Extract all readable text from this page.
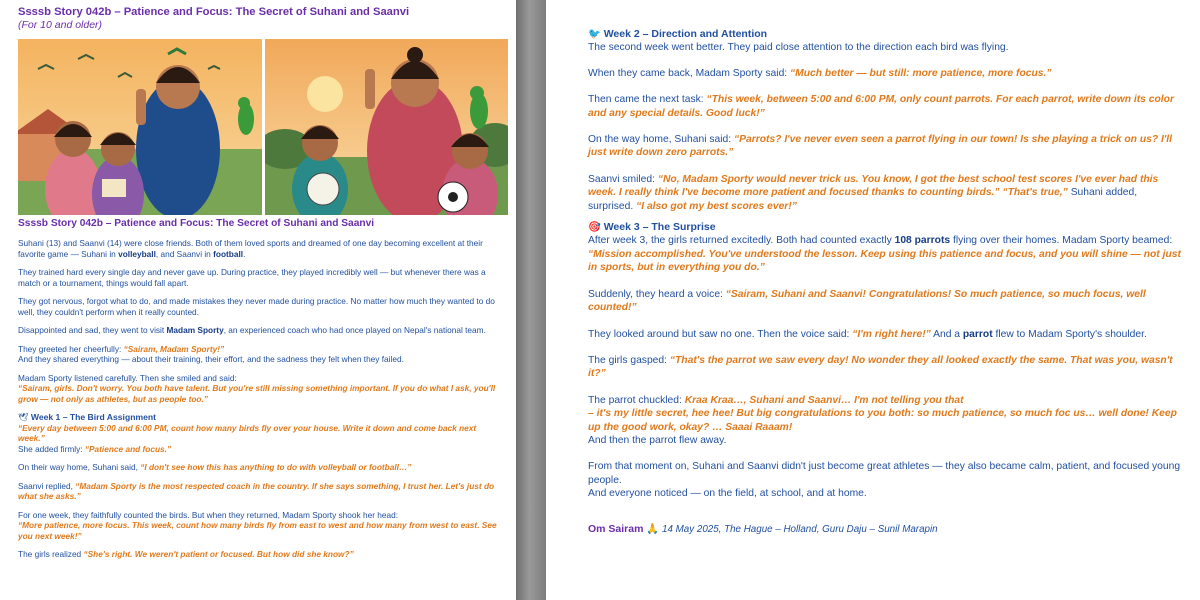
Ssssb Story 042b – Patience and Focus: The Secret of Suhani and Saanvi
(For 10 and older)
Ssssb Story 042b – Patience and Focus: The Secret of Suhani and Saanvi

Suhani (13) and Saanvi (14) were close friends. Both of them loved sports and dreamed of one day becoming excellent at their favorite game — Suhani in volleyball, and Saanvi in football.

They trained hard every single day and never gave up. During practice, they played incredibly well — but whenever there was a match or a tournament, things would fall apart.

They got nervous, forgot what to do, and made mistakes they never made during practice. No matter how much they wanted to do well, they couldn't perform when it really counted.

Disappointed and sad, they went to visit Madam Sporty, an experienced coach who had once played on Nepal's national team.

They greeted her cheerfully: “Sairam, Madam Sporty!”
And they shared everything — about their training, their effort, and the sadness they felt when they failed.

Madam Sporty listened carefully. Then she smiled and said:
“Sairam, girls. Don't worry. You both have talent. But you're still missing something important. If you do what I ask, you'll grow — not only as athletes, but as people too.”

🕊 Week 1 – The Bird Assignment
“Every day between 5:00 and 6:00 PM, count how many birds fly over your house. Write it down and come back next week.”
She added firmly: “Patience and focus.”

On their way home, Suhani said, “I don't see how this has anything to do with volleyball or football…”

Saanvi replied, “Madam Sporty is the most respected coach in the country. If she says something, I trust her. Let's just do what she asks.”

For one week, they faithfully counted the birds. But when they returned, Madam Sporty shook her head:
“More patience, more focus. This week, count how many birds fly from east to west and how many from west to east. See you next week!”

The girls realized “She's right. We weren't patient or focused. But how did she know?”

🐦 Week 2 – Direction and Attention
The second week went better. They paid close attention to the direction each bird was flying.

When they came back, Madam Sporty said: “Much better — but still: more patience, more focus.”

Then came the next task: “This week, between 5:00 and 6:00 PM, only count parrots. For each parrot, write down its color and any special details. Good luck!”

On the way home, Suhani said: “Parrots? I've never even seen a parrot flying in our town! Is she playing a trick on us? I'll just write down zero parrots.”

Saanvi smiled: “No, Madam Sporty would never trick us. You know, I got the best school test scores I've ever had this week. I really think I've become more patient and focused thanks to counting birds.” “That's true,” Suhani added, surprised. “I also got my best scores ever!”

🎯 Week 3 – The Surprise
After week 3, the girls returned excitedly. Both had counted exactly 108 parrots flying over their homes. Madam Sporty beamed: “Mission accomplished. You've understood the lesson. Keep using this patience and focus, and you will shine — not just in sports, but in everything you do.”

Suddenly, they heard a voice: “Sairam, Suhani and Saanvi! Congratulations! So much patience, so much focus, well counted!”

They looked around but saw no one. Then the voice said: “I'm right here!” And a parrot flew to Madam Sporty's shoulder.

The girls gasped: “That's the parrot we saw every day! No wonder they all looked exactly the same. That was you, wasn't it?”

The parrot chuckled: Kraa Kraa…, Suhani and Saanvi… I'm not telling you that
– it's my little secret, hee hee! But big congratulations to you both: so much patience, so much foc us… well done! Keep up the good work, okay? … Saaai Raaam!
And then the parrot flew away.

From that moment on, Suhani and Saanvi didn't just become great athletes — they also became calm, patient, and focused young people.
And everyone noticed — on the field, at school, and at home.

Om Sairam 🙏 14 May 2025, The Hague – Holland, Guru Daju – Sunil Marapin
